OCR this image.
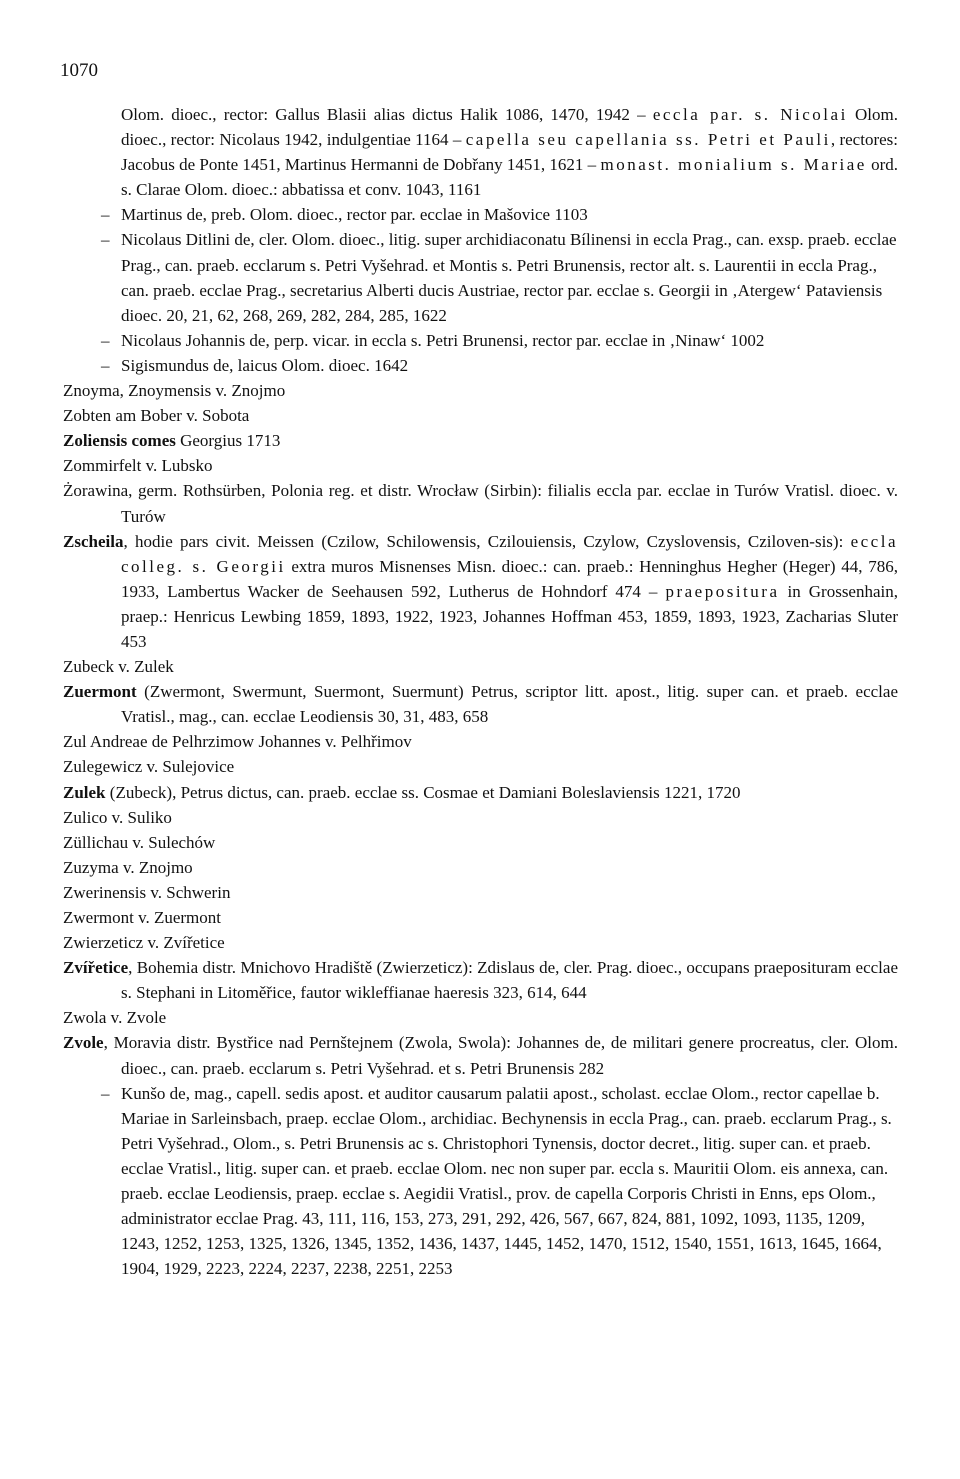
1070
Olom. dioec., rector: Gallus Blasii alias dictus Halik 1086, 1470, 1942 – eccla par. s. Nicolai Olom. dioec., rector: Nicolaus 1942, indulgentiae 1164 – capella seu capellania ss. Petri et Pauli, rectores: Jacobus de Ponte 1451, Martinus Hermanni de Dobřany 1451, 1621 – monast. monialium s. Mariae ord. s. Clarae Olom. dioec.: abbatissa et conv. 1043, 1161
– Martinus de, preb. Olom. dioec., rector par. ecclae in Mašovice 1103
– Nicolaus Ditlini de, cler. Olom. dioec., litig. super archidiaconatu Bílinensi in eccla Prag., can. exsp. praeb. ecclae Prag., can. praeb. ecclarum s. Petri Vyšehrad. et Montis s. Petri Brunensis, rector alt. s. Laurentii in eccla Prag., can. praeb. ecclae Prag., secretarius Alberti ducis Austriae, rector par. ecclae s. Georgii in ‚Atergew‘ Pataviensis dioec. 20, 21, 62, 268, 269, 282, 284, 285, 1622
– Nicolaus Johannis de, perp. vicar. in eccla s. Petri Brunensi, rector par. ecclae in ‚Ninaw‘ 1002
– Sigismundus de, laicus Olom. dioec. 1642
Znoyma, Znoymensis v. Znojmo
Zobten am Bober v. Sobota
Zoliensis comes Georgius 1713
Zommirfelt v. Lubsko
Żorawina, germ. Rothsürben, Polonia reg. et distr. Wrocław (Sirbin): filialis eccla par. ecclae in Turów Vratisl. dioec. v. Turów
Zscheila, hodie pars civit. Meissen (Czilow, Schilowensis, Czilouiensis, Czylow, Czyslovensis, Cziloven-sis): eccla colleg. s. Georgii extra muros Misnenses Misn. dioec.: can. praeb.: Henninghus Hegher (Heger) 44, 786, 1933, Lambertus Wacker de Seehausen 592, Lutherus de Hohndorf 474 – praepositura in Grossenhain, praep.: Henricus Lewbing 1859, 1893, 1922, 1923, Johannes Hoffman 453, 1859, 1893, 1923, Zacharias Sluter 453
Zubeck v. Zulek
Zuermont (Zwermont, Swermunt, Suermont, Suermunt) Petrus, scriptor litt. apost., litig. super can. et praeb. ecclae Vratisl., mag., can. ecclae Leodiensis 30, 31, 483, 658
Zul Andreae de Pelhrzimow Johannes v. Pelhřimov
Zulegewicz v. Sulejovice
Zulek (Zubeck), Petrus dictus, can. praeb. ecclae ss. Cosmae et Damiani Boleslaviensis 1221, 1720
Zulico v. Suliko
Züllichau v. Sulechów
Zuzyma v. Znojmo
Zwerinensis v. Schwerin
Zwermont v. Zuermont
Zwierzeticz v. Zvířetice
Zvířetice, Bohemia distr. Mnichovo Hradiště (Zwierzeticz): Zdislaus de, cler. Prag. dioec., occupans praeposituram ecclae s. Stephani in Litoměřice, fautor wikleffianae haeresis 323, 614, 644
Zwola v. Zvole
Zvole, Moravia distr. Bystřice nad Pernštejnem (Zwola, Swola): Johannes de, de militari genere procreatus, cler. Olom. dioec., can. praeb. ecclarum s. Petri Vyšehrad. et s. Petri Brunensis 282
– Kunšo de, mag., capell. sedis apost. et auditor causarum palatii apost., scholast. ecclae Olom., rector capellae b. Mariae in Sarleinsbach, praep. ecclae Olom., archidiac. Bechynensis in eccla Prag., can. praeb. ecclarum Prag., s. Petri Vyšehrad., Olom., s. Petri Brunensis ac s. Christophori Tynensis, doctor decret., litig. super can. et praeb. ecclae Vratisl., litig. super can. et praeb. ecclae Olom. nec non super par. eccla s. Mauritii Olom. eis annexa, can. praeb. ecclae Leodiensis, praep. ecclae s. Aegidii Vratisl., prov. de capella Corporis Christi in Enns, eps Olom., administrator ecclae Prag. 43, 111, 116, 153, 273, 291, 292, 426, 567, 667, 824, 881, 1092, 1093, 1135, 1209, 1243, 1252, 1253, 1325, 1326, 1345, 1352, 1436, 1437, 1445, 1452, 1470, 1512, 1540, 1551, 1613, 1645, 1664, 1904, 1929, 2223, 2224, 2237, 2238, 2251, 2253
